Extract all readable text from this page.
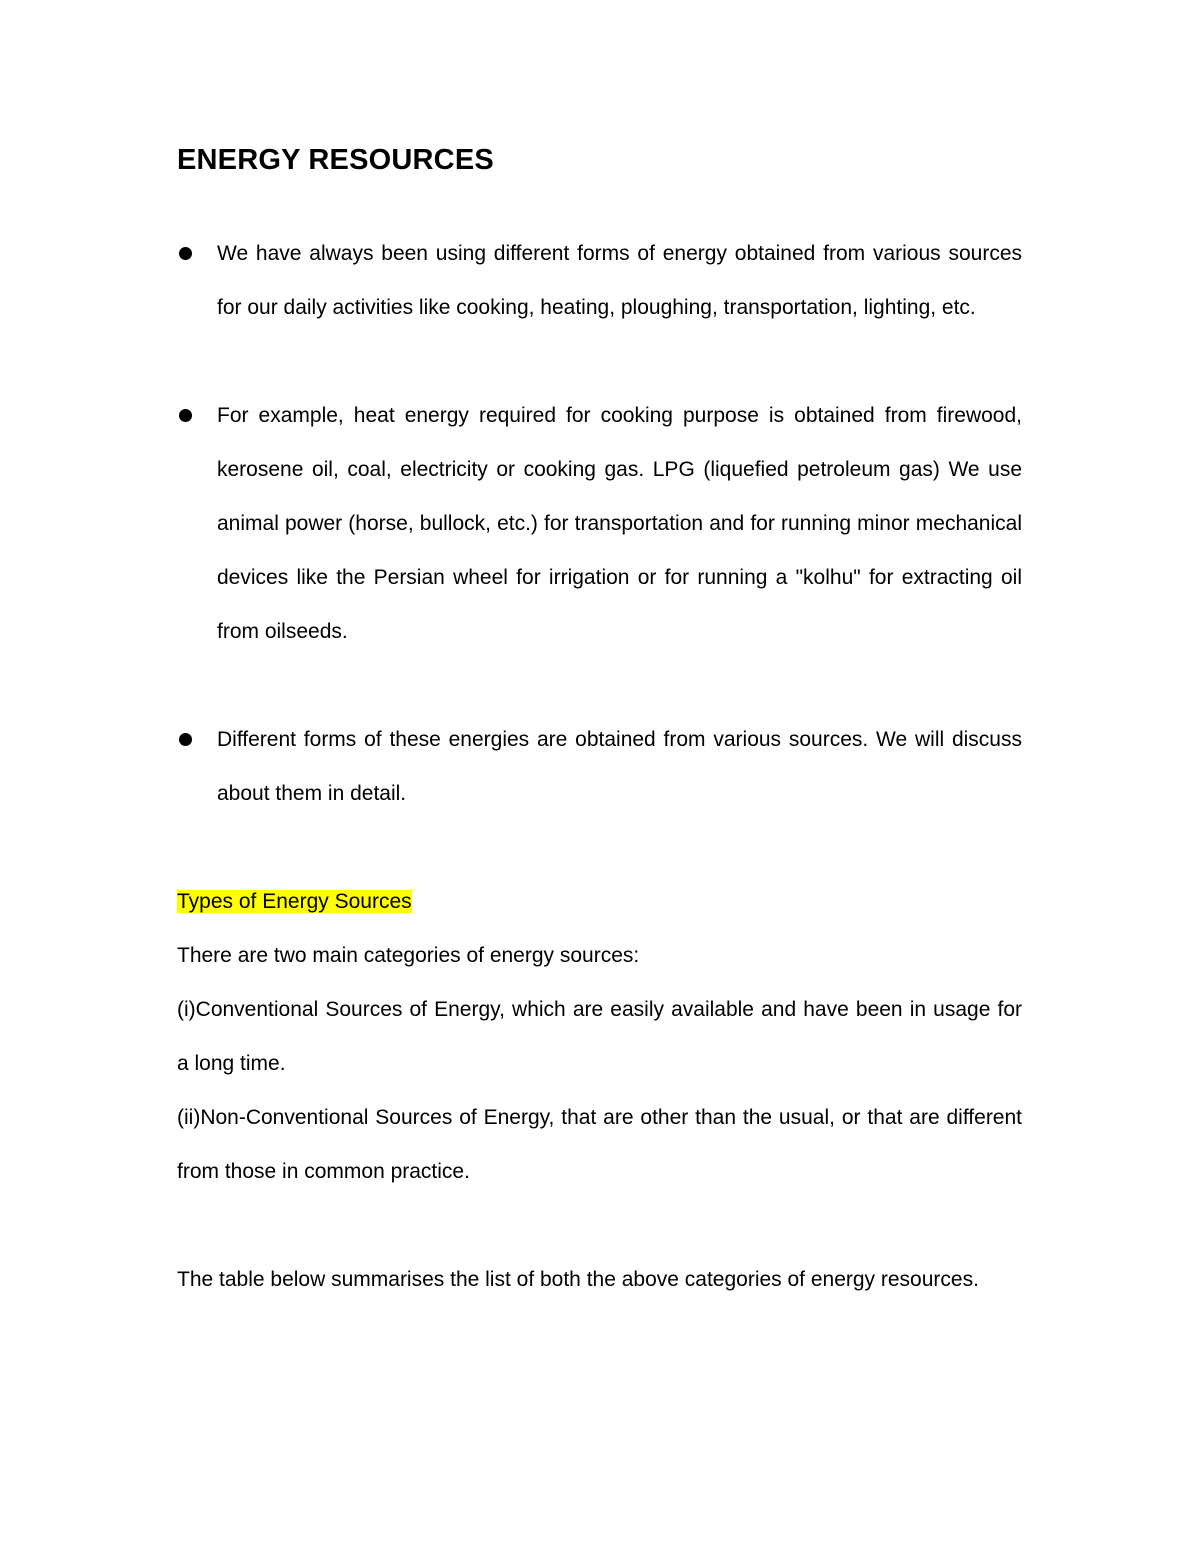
ENERGY RESOURCES
We have always been using different forms of energy obtained from various sources for our daily activities like cooking, heating, ploughing, transportation, lighting, etc.
For example, heat energy required for cooking purpose is obtained from firewood, kerosene oil, coal, electricity or cooking gas. LPG (liquefied petroleum gas) We use animal power (horse, bullock, etc.) for transportation and for running minor mechanical devices like the Persian wheel for irrigation or for running a "kolhu" for extracting oil from oilseeds.
Different forms of these energies are obtained from various sources. We will discuss about them in detail.

Types of Energy Sources

There are two main categories of energy sources:

(i)Conventional Sources of Energy, which are easily available and have been in usage for a long time.

(ii)Non-Conventional Sources of Energy, that are other than the usual, or that are different from those in common practice.

The table below summarises the list of both the above categories of energy resources.
